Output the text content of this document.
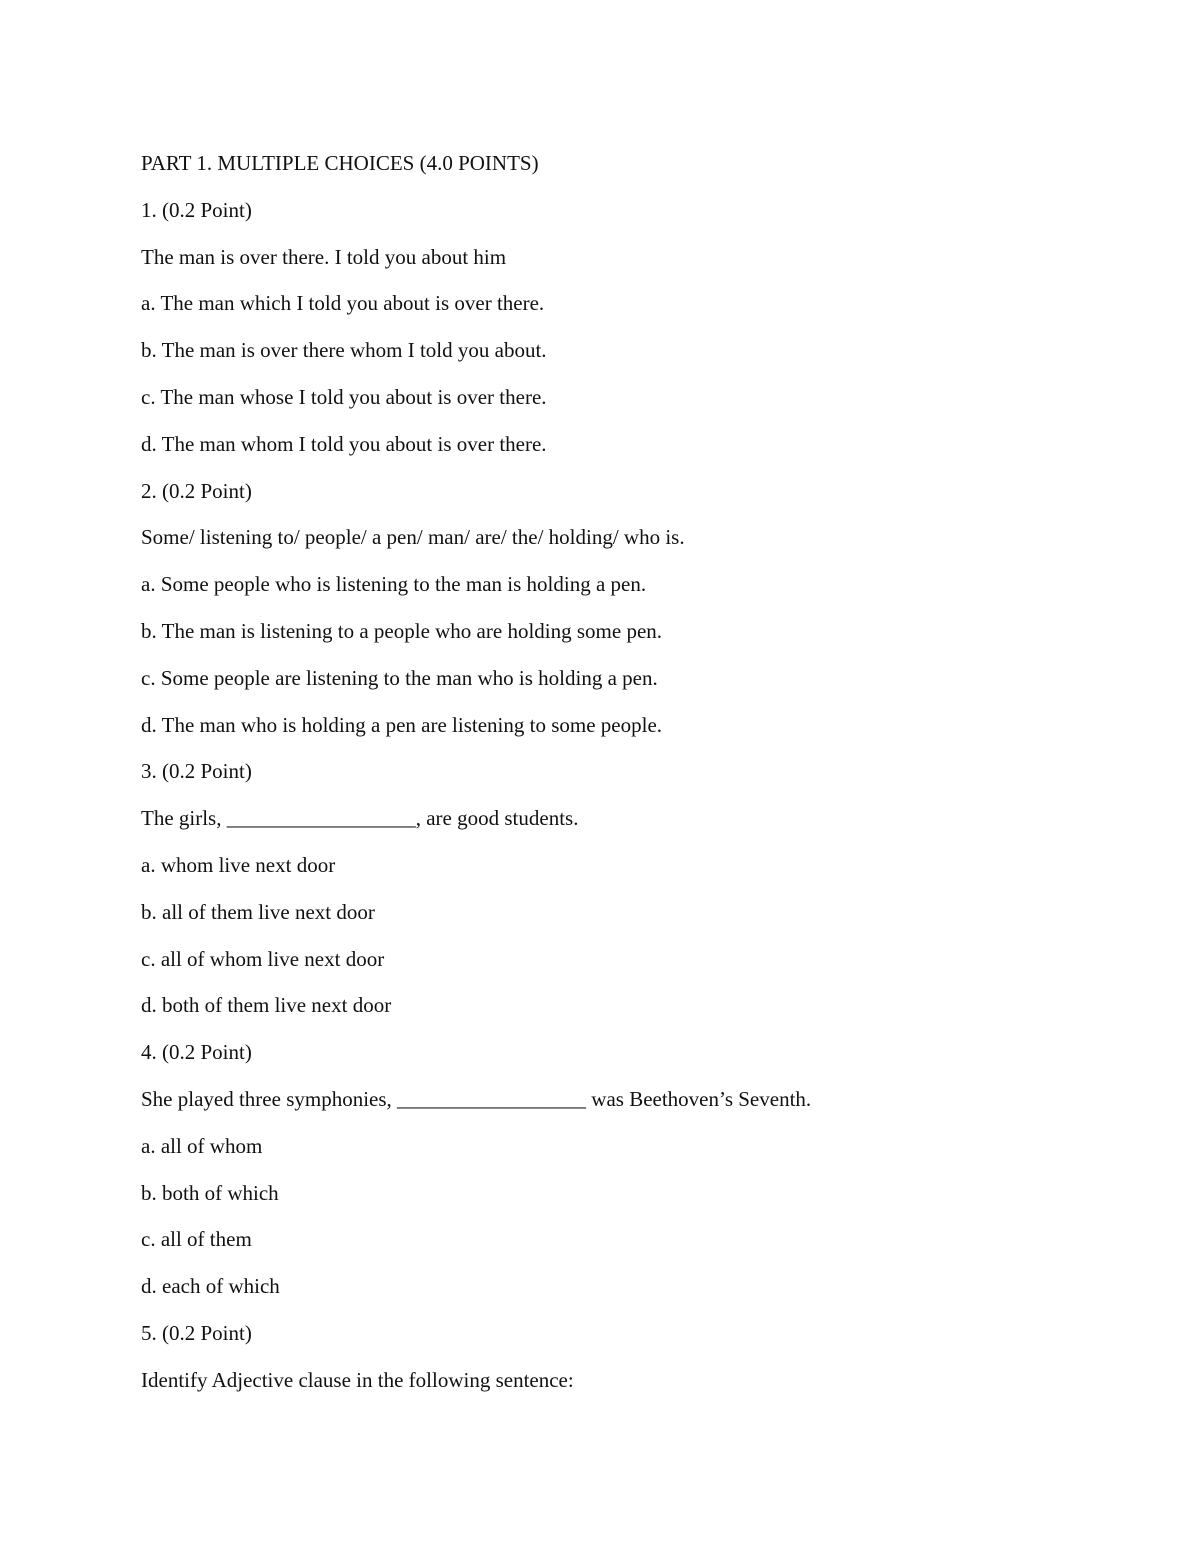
PART 1. MULTIPLE CHOICES (4.0 POINTS)
1. (0.2 Point)
The man is over there. I told you about him
a. The man which I told you about is over there.
b. The man is over there whom I told you about.
c. The man whose I told you about is over there.
d. The man whom I told you about is over there.
2. (0.2 Point)
Some/ listening to/ people/ a pen/ man/ are/ the/ holding/ who is.
a. Some people who is listening to the man is holding a pen.
b. The man is listening to a people who are holding some pen.
c. Some people are listening to the man who is holding a pen.
d. The man who is holding a pen are listening to some people.
3. (0.2 Point)
The girls, __________________, are good students.
a. whom live next door
b. all of them live next door
c. all of whom live next door
d. both of them live next door
4. (0.2 Point)
She played three symphonies, __________________ was Beethoven’s Seventh.
a. all of whom
b. both of which
c. all of them
d. each of which
5. (0.2 Point)
Identify Adjective clause in the following sentence:
